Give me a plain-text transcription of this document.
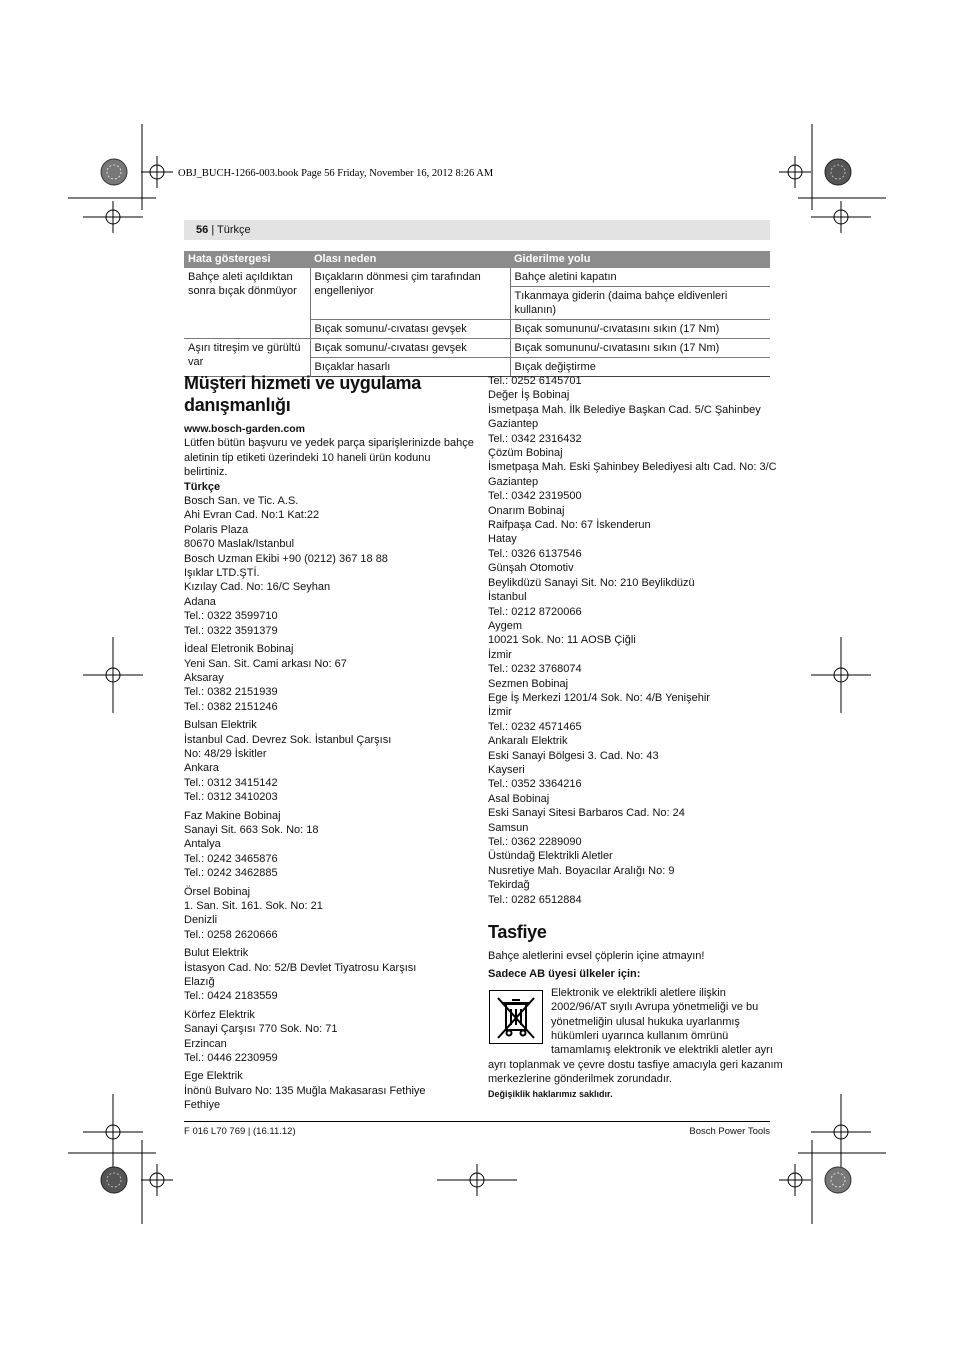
OBJ_BUCH-1266-003.book Page 56 Friday, November 16, 2012 8:26 AM
56 | Türkçe
Hata göstergesi	Olası neden	Giderilme yolu
Bahçe aleti açıldıktan sonra bıçak dönmüyor	Bıçakların dönmesi çim tarafından engelleniyor	Bahçe aletini kapatın
		Tıkanmaya giderin (daima bahçe eldivenleri kullanın)
	Bıçak somunu/-cıvatası gevşek	Bıçak somununu/-cıvatasını sıkın (17 Nm)
Aşırı titreşim ve gürültü var	Bıçak somunu/-cıvatası gevşek	Bıçak somununu/-cıvatasını sıkın (17 Nm)
	Bıçaklar hasarlı	Bıçak değiştirme
Müşteri hizmeti ve uygulama
danışmanlığı

www.bosch-garden.com

Lütfen bütün başvuru ve yedek parça siparişlerinizde bahçe aletinin tip etiketi üzerindeki 10 haneli ürün kodunu belirtiniz.

Türkçe

Bosch San. ve Tic. A.S.
Ahi Evran Cad. No:1 Kat:22
Polaris Plaza
80670 Maslak/Istanbul
Bosch Uzman Ekibi +90 (0212) 367 18 88
Işıklar LTD.ŞTİ.
Kızılay Cad. No: 16/C Seyhan
Adana
Tel.: 0322 3599710
Tel.: 0322 3591379
İdeal Eletronik Bobinaj
Yeni San. Sit. Cami arkası No: 67
Aksaray
Tel.: 0382 2151939
Tel.: 0382 2151246
Bulsan Elektrik
İstanbul Cad. Devrez Sok. İstanbul Çarşısı
No: 48/29 İskitler
Ankara
Tel.: 0312 3415142
Tel.: 0312 3410203
Faz Makine Bobinaj
Sanayi Sit. 663 Sok. No: 18
Antalya
Tel.: 0242 3465876
Tel.: 0242 3462885
Örsel Bobinaj
1. San. Sit. 161. Sok. No: 21
Denizli
Tel.: 0258 2620666
Bulut Elektrik
İstasyon Cad. No: 52/B Devlet Tiyatrosu Karşısı
Elazığ
Tel.: 0424 2183559
Körfez Elektrik
Sanayi Çarşısı 770 Sok. No: 71
Erzincan
Tel.: 0446 2230959
Ege Elektrik
İnönü Bulvaro No: 135 Muğla Makasarası Fethiye
Fethiye
Tel.: 0252 6145701
Değer İş Bobinaj
İsmetpaşa Mah. İlk Belediye Başkan Cad. 5/C Şahinbey
Gaziantep
Tel.: 0342 2316432
Çözüm Bobinaj
İsmetpaşa Mah. Eski Şahinbey Belediyesi altı Cad. No: 3/C
Gaziantep
Tel.: 0342 2319500
Onarım Bobinaj
Raifpaşa Cad. No: 67 İskenderun
Hatay
Tel.: 0326 6137546
Günşah Otomotiv
Beylikdüzü Sanayi Sit. No: 210 Beylikdüzü
İstanbul
Tel.: 0212 8720066
Aygem
10021 Sok. No: 11 AOSB Çiğli
İzmir
Tel.: 0232 3768074
Sezmen Bobinaj
Ege İş Merkezi 1201/4 Sok. No: 4/B Yenişehir
İzmir
Tel.: 0232 4571465
Ankaralı Elektrik
Eski Sanayi Bölgesi 3. Cad. No: 43
Kayseri
Tel.: 0352 3364216
Asal Bobinaj
Eski Sanayi Sitesi Barbaros Cad. No: 24
Samsun
Tel.: 0362 2289090
Üstündağ Elektrikli Aletler
Nusretiye Mah. Boyacılar Aralığı No: 9
Tekirdağ
Tel.: 0282 6512884
Tasfiye

Bahçe aletlerini evsel çöplerin içine atmayın!

Sadece AB üyesi ülkeler için:

Elektronik ve elektrikli aletlere ilişkin
2002/96/AT sıyılı Avrupa yönetmeliği ve bu
yönetmeliğin ulusal hukuka uyarlanmış
hükümleri uyarınca kullanım ömrünü
tamamlamış elektronik ve elektrikli aletler ayrı
ayrı toplanmak ve çevre dostu tasfiye amacıyla geri kazanım
merkezlerine gönderilmek zorundadır.

Değişiklik haklarımız saklıdır.

F 016 L70 769 | (16.11.12)	Bosch Power Tools
